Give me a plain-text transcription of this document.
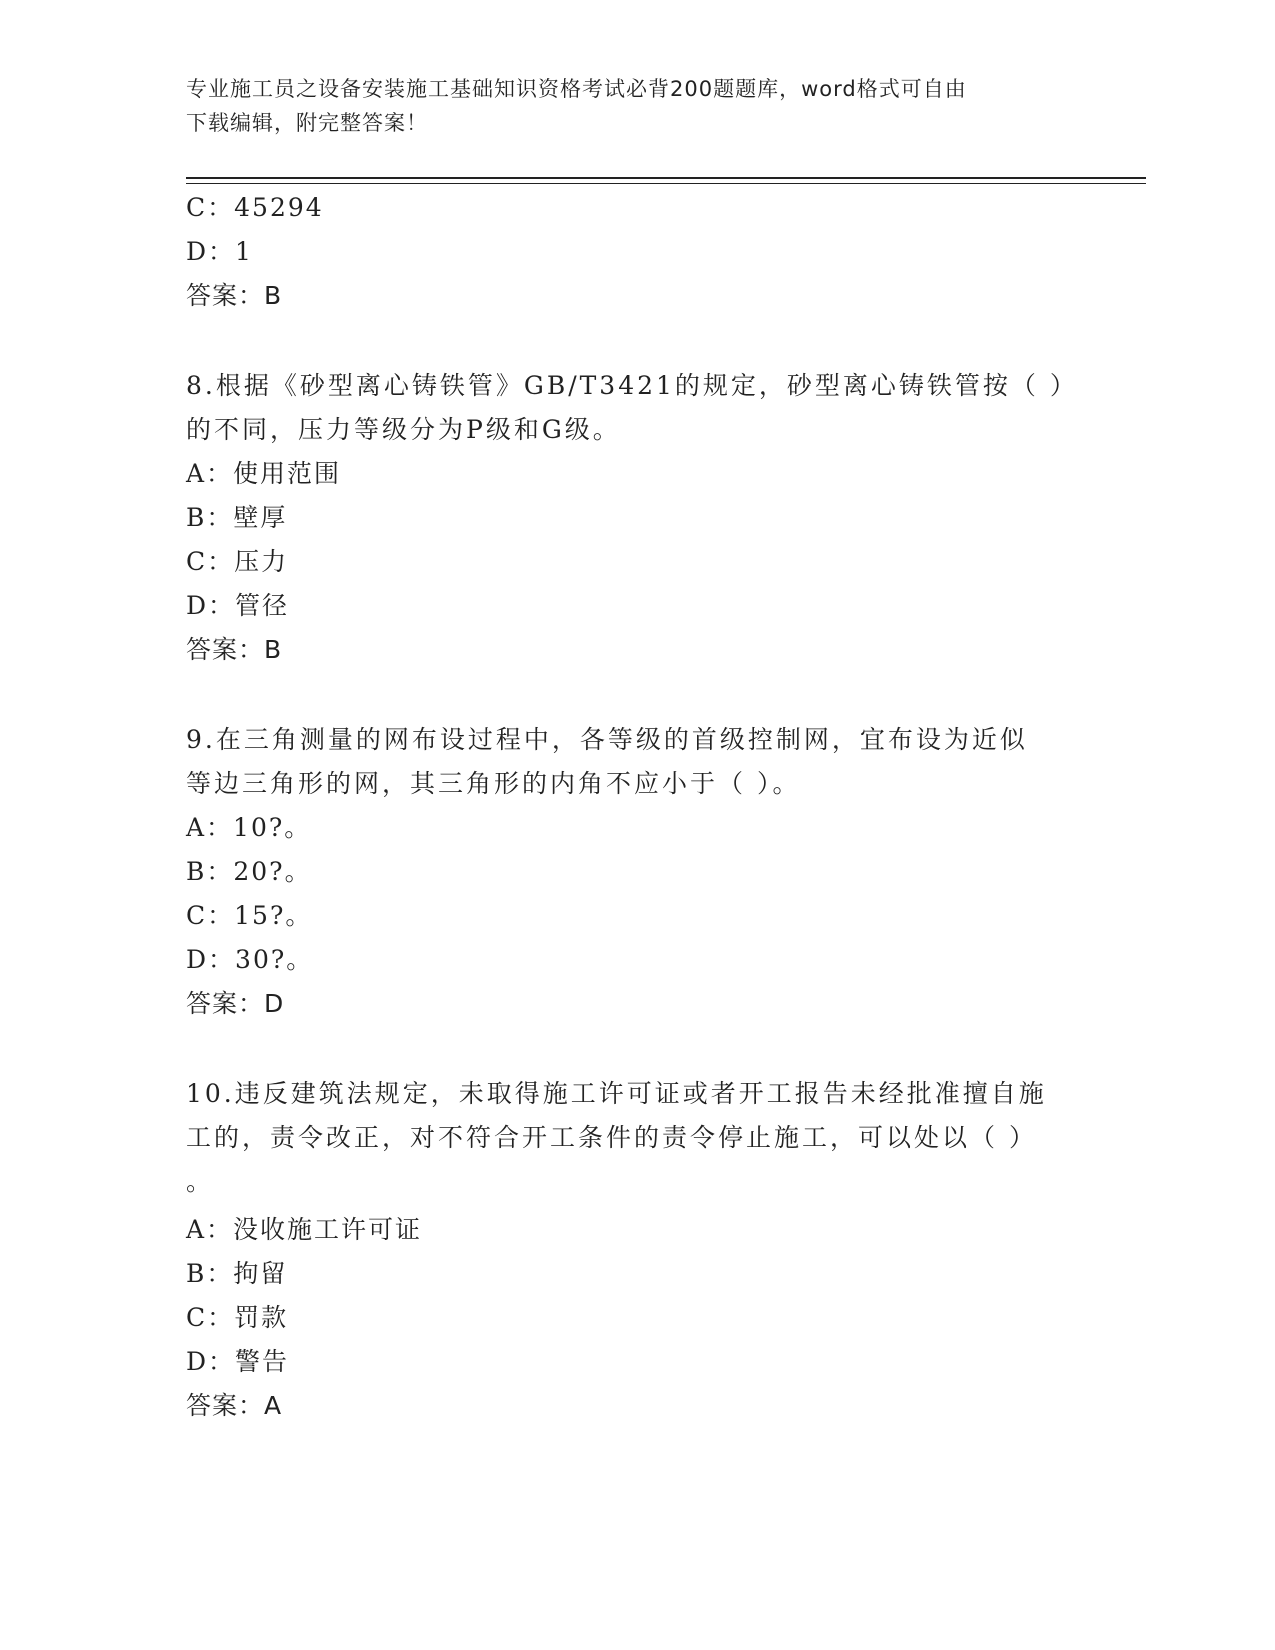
专业施工员之设备安装施工基础知识资格考试必背200题题库，word格式可自由
下载编辑，附完整答案！
C：45294
D：1
答案：B
8.根据《砂型离心铸铁管》GB/T3421的规定，砂型离心铸铁管按（ ）
的不同，压力等级分为P级和G级。
A：使用范围
B：壁厚
C：压力
D：管径
答案：B
9.在三角测量的网布设过程中，各等级的首级控制网，宜布设为近似
等边三角形的网，其三角形的内角不应小于（ ）。
A：10?。
B：20?。
C：15?。
D：30?。
答案：D
10.违反建筑法规定，未取得施工许可证或者开工报告未经批准擅自施
工的，责令改正，对不符合开工条件的责令停止施工，可以处以（ ）
。
A：没收施工许可证
B：拘留
C：罚款
D：警告
答案：A
